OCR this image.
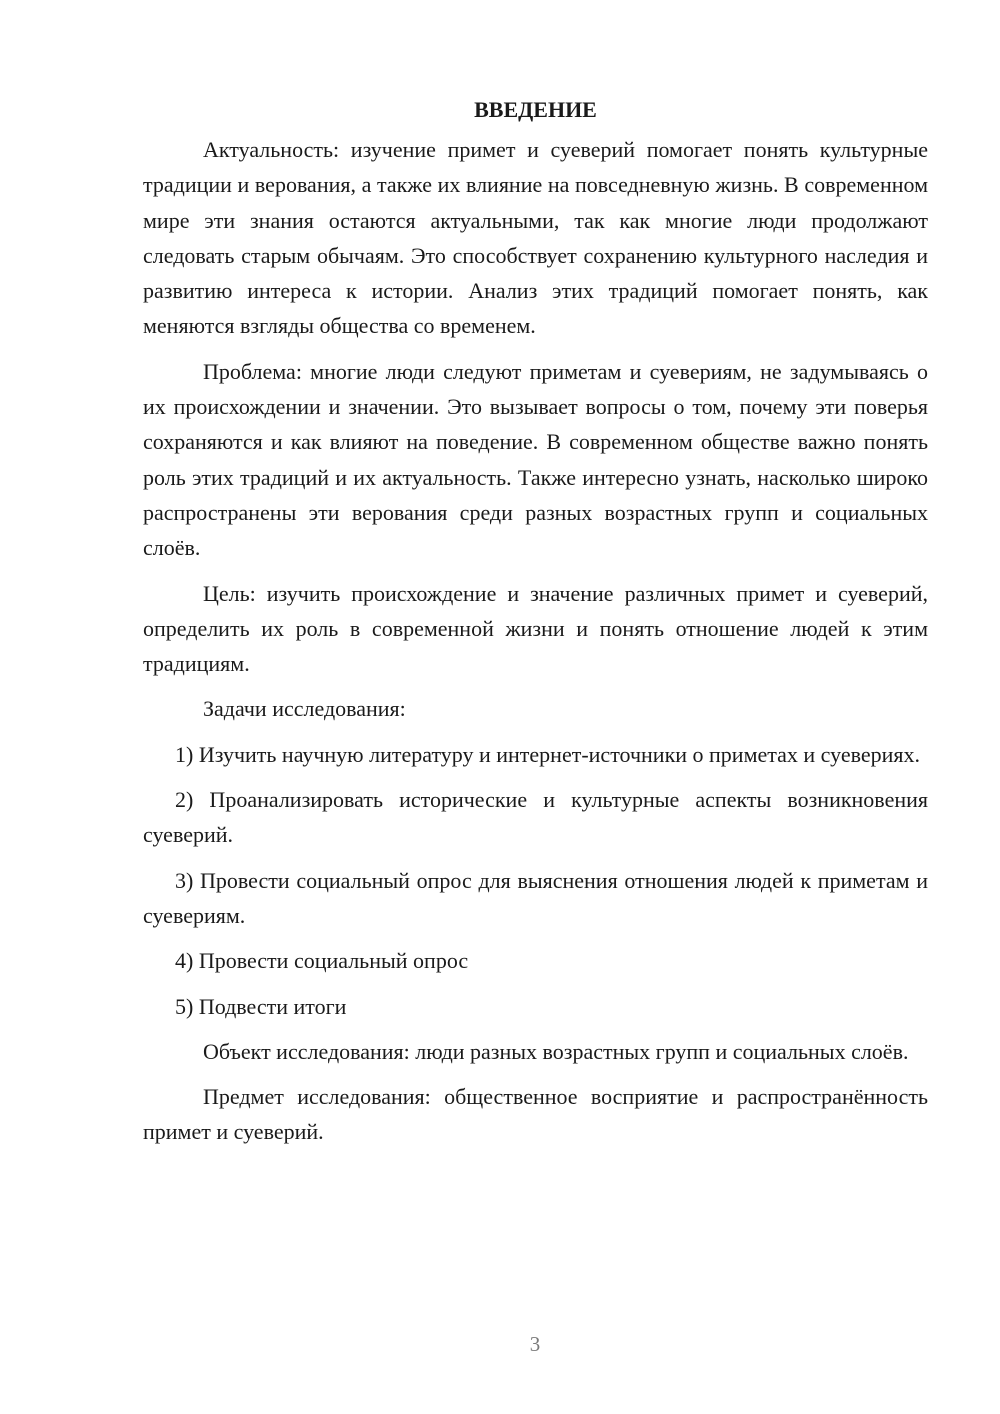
ВВЕДЕНИЕ

Актуальность: изучение примет и суеверий помогает понять культурные традиции и верования, а также их влияние на повседневную жизнь. В современном мире эти знания остаются актуальными, так как многие люди продолжают следовать старым обычаям. Это способствует сохранению культурного наследия и развитию интереса к истории. Анализ этих традиций помогает понять, как меняются взгляды общества со временем.

Проблема: многие люди следуют приметам и суевериям, не задумываясь о их происхождении и значении. Это вызывает вопросы о том, почему эти поверья сохраняются и как влияют на поведение. В современном обществе важно понять роль этих традиций и их актуальность. Также интересно узнать, насколько широко распространены эти верования среди разных возрастных групп и социальных слоёв.

Цель: изучить происхождение и значение различных примет и суеверий, определить их роль в современной жизни и понять отношение людей к этим традициям.

Задачи исследования:

1) Изучить научную литературу и интернет-источники о приметах и суевериях.

2) Проанализировать исторические и культурные аспекты возникновения суеверий.

3) Провести социальный опрос для выяснения отношения людей к приметам и суевериям.

4) Провести социальный опрос

5) Подвести итоги

Объект исследования: люди разных возрастных групп и социальных слоёв.

Предмет исследования: общественное восприятие и распространённость примет и суеверий.

3
